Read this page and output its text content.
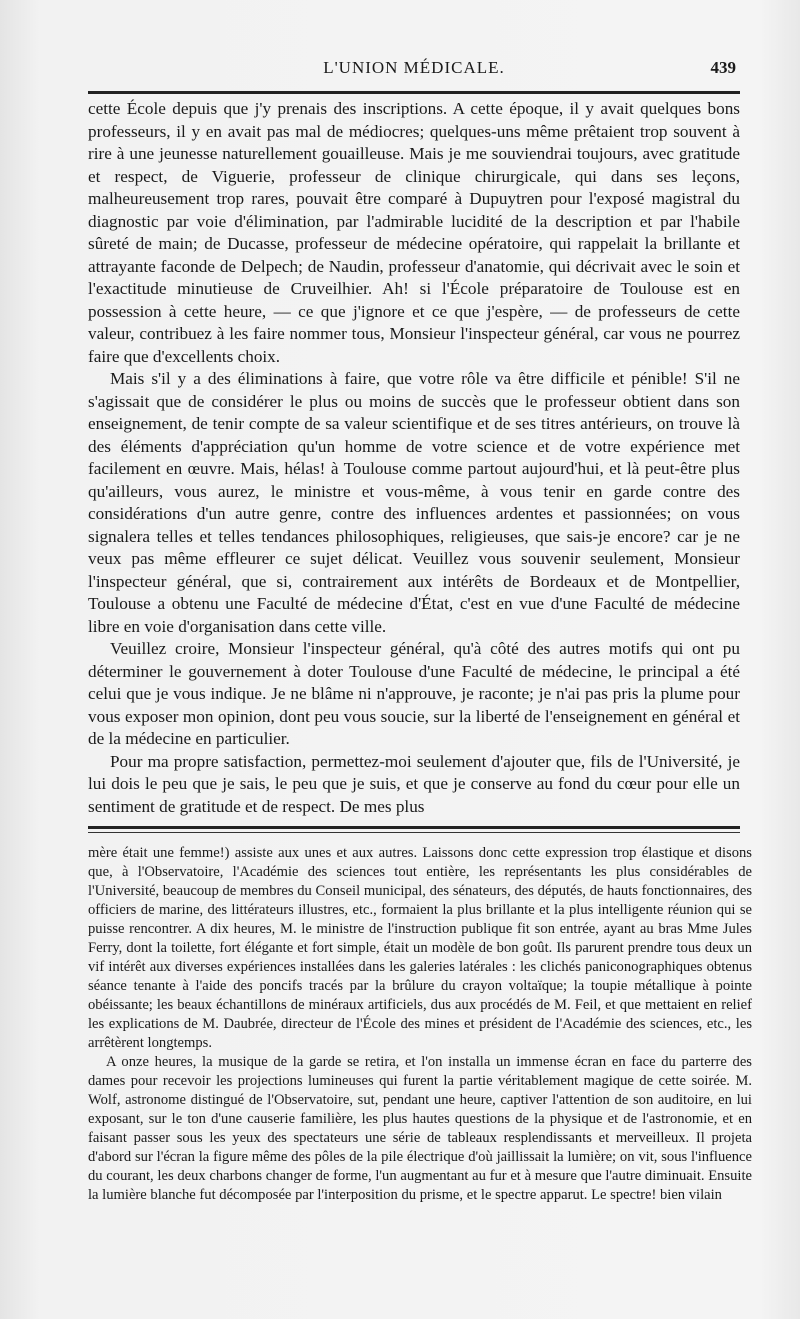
L'UNION MÉDICALE.	439

cette École depuis que j'y prenais des inscriptions. A cette époque, il y avait quelques bons professeurs, il y en avait pas mal de médiocres; quelques-uns même prêtaient trop souvent à rire à une jeunesse naturellement gouailleuse. Mais je me souviendrai toujours, avec gratitude et respect, de Viguerie, professeur de clinique chirurgicale, qui dans ses leçons, malheureusement trop rares, pouvait être comparé à Dupuytren pour l'exposé magistral du diagnostic par voie d'élimination, par l'admirable lucidité de la description et par l'habile sûreté de main; de Ducasse, professeur de médecine opératoire, qui rappelait la brillante et attrayante faconde de Delpech; de Naudin, professeur d'anatomie, qui décrivait avec le soin et l'exactitude minutieuse de Cruveilhier. Ah! si l'École préparatoire de Toulouse est en possession à cette heure, — ce que j'ignore et ce que j'espère, — de professeurs de cette valeur, contribuez à les faire nommer tous, Monsieur l'inspecteur général, car vous ne pourrez faire que d'excellents choix.

Mais s'il y a des éliminations à faire, que votre rôle va être difficile et pénible! S'il ne s'agissait que de considérer le plus ou moins de succès que le professeur obtient dans son enseignement, de tenir compte de sa valeur scientifique et de ses titres antérieurs, on trouve là des éléments d'appréciation qu'un homme de votre science et de votre expérience met facilement en œuvre. Mais, hélas! à Toulouse comme partout aujourd'hui, et là peut-être plus qu'ailleurs, vous aurez, le ministre et vous-même, à vous tenir en garde contre des considérations d'un autre genre, contre des influences ardentes et passionnées; on vous signalera telles et telles tendances philosophiques, religieuses, que sais-je encore? car je ne veux pas même effleurer ce sujet délicat. Veuillez vous souvenir seulement, Monsieur l'inspecteur général, que si, contrairement aux intérêts de Bordeaux et de Montpellier, Toulouse a obtenu une Faculté de médecine d'État, c'est en vue d'une Faculté de médecine libre en voie d'organisation dans cette ville.

Veuillez croire, Monsieur l'inspecteur général, qu'à côté des autres motifs qui ont pu déterminer le gouvernement à doter Toulouse d'une Faculté de médecine, le principal a été celui que je vous indique. Je ne blâme ni n'approuve, je raconte; je n'ai pas pris la plume pour vous exposer mon opinion, dont peu vous soucie, sur la liberté de l'enseignement en général et de la médecine en particulier.

Pour ma propre satisfaction, permettez-moi seulement d'ajouter que, fils de l'Université, je lui dois le peu que je sais, le peu que je suis, et que je conserve au fond du cœur pour elle un sentiment de gratitude et de respect. De mes plus

mère était une femme!) assiste aux unes et aux autres. Laissons donc cette expression trop élastique et disons que, à l'Observatoire, l'Académie des sciences tout entière, les représentants les plus considérables de l'Université, beaucoup de membres du Conseil municipal, des sénateurs, des députés, de hauts fonctionnaires, des officiers de marine, des littérateurs illustres, etc., formaient la plus brillante et la plus intelligente réunion qui se puisse rencontrer. A dix heures, M. le ministre de l'instruction publique fit son entrée, ayant au bras Mme Jules Ferry, dont la toilette, fort élégante et fort simple, était un modèle de bon goût. Ils parurent prendre tous deux un vif intérêt aux diverses expériences installées dans les galeries latérales : les clichés paniconographiques obtenus séance tenante à l'aide des poncifs tracés par la brûlure du crayon voltaïque; la toupie métallique à pointe obéissante; les beaux échantillons de minéraux artificiels, dus aux procédés de M. Feil, et que mettaient en relief les explications de M. Daubrée, directeur de l'École des mines et président de l'Académie des sciences, etc., les arrêtèrent longtemps.

A onze heures, la musique de la garde se retira, et l'on installa un immense écran en face du parterre des dames pour recevoir les projections lumineuses qui furent la partie véritablement magique de cette soirée. M. Wolf, astronome distingué de l'Observatoire, sut, pendant une heure, captiver l'attention de son auditoire, en lui exposant, sur le ton d'une causerie familière, les plus hautes questions de la physique et de l'astronomie, et en faisant passer sous les yeux des spectateurs une série de tableaux resplendissants et merveilleux. Il projeta d'abord sur l'écran la figure même des pôles de la pile électrique d'où jaillissait la lumière; on vit, sous l'influence du courant, les deux charbons changer de forme, l'un augmentant au fur et à mesure que l'autre diminuait. Ensuite la lumière blanche fut décomposée par l'interposition du prisme, et le spectre apparut. Le spectre! bien vilain
